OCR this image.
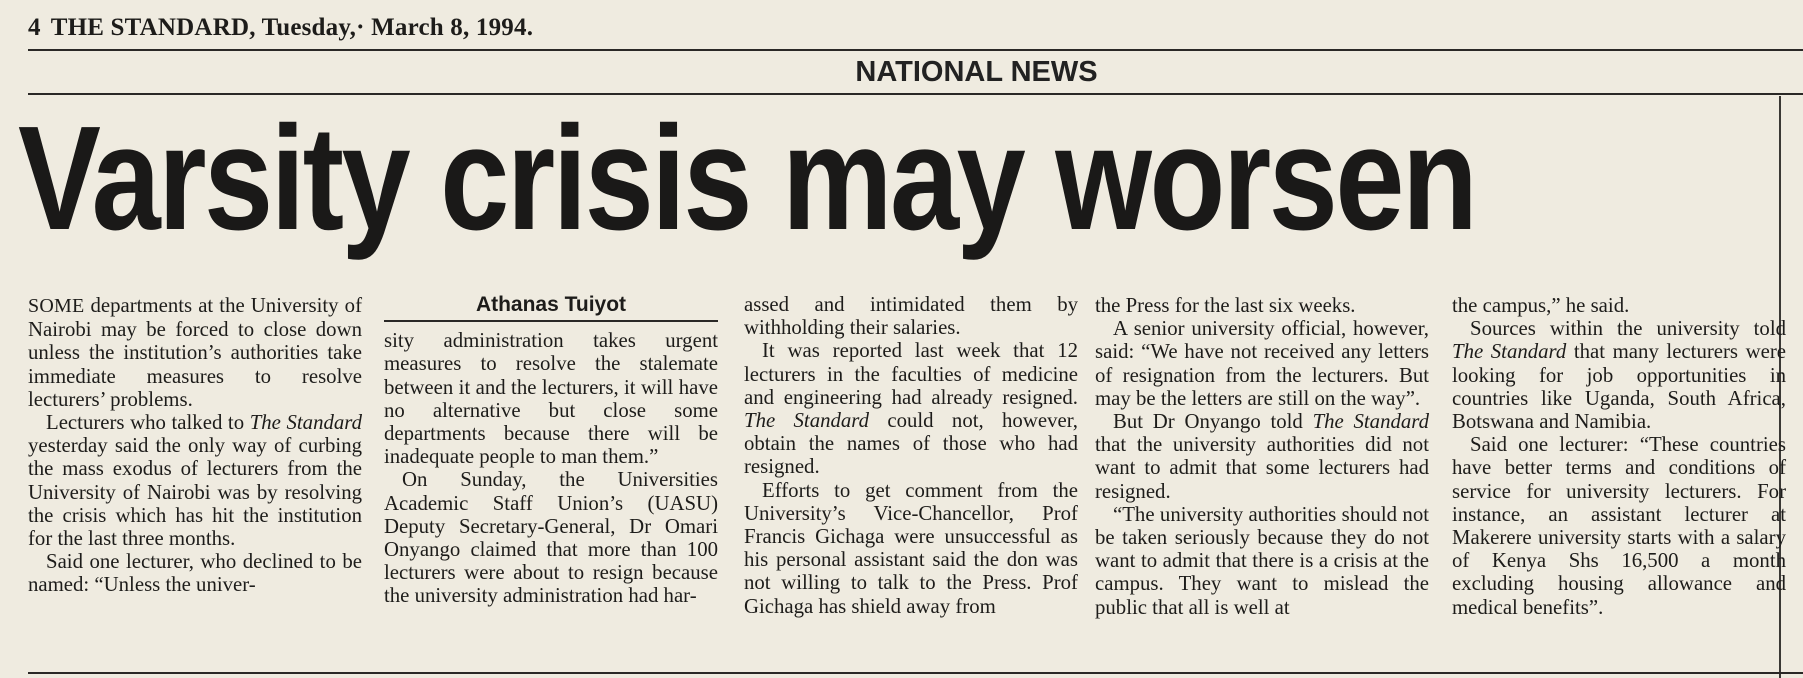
4 THE STANDARD, Tuesday,· March 8, 1994.
NATIONAL NEWS
Varsity crisis may worsen

SOME departments at the University of Nairobi may be forced to close down unless the institution’s authorities take immediate measures to resolve lecturers’ problems.

Lecturers who talked to The Standard yesterday said the only way of curbing the mass exodus of lecturers from the University of Nairobi was by resolving the crisis which has hit the institution for the last three months.

Said one lecturer, who declined to be named: “Unless the univer-

Athanas Tuiyot

sity administration takes urgent measures to resolve the stalemate between it and the lecturers, it will have no alternative but close some departments because there will be inadequate people to man them.”

On Sunday, the Universities Academic Staff Union’s (UASU) Deputy Secretary-General, Dr Omari Onyango claimed that more than 100 lecturers were about to resign because the university administration had har-

assed and intimidated them by withholding their salaries.

It was reported last week that 12 lecturers in the faculties of medicine and engineering had already resigned. The Standard could not, however, obtain the names of those who had resigned.

Efforts to get comment from the University’s Vice-Chancellor, Prof Francis Gichaga were unsuccessful as his personal assistant said the don was not willing to talk to the Press. Prof Gichaga has shield away from

the Press for the last six weeks.

A senior university official, however, said: “We have not received any letters of resignation from the lecturers. But may be the letters are still on the way”.

But Dr Onyango told The Standard that the university authorities did not want to admit that some lecturers had resigned.

“The university authorities should not be taken seriously because they do not want to admit that there is a crisis at the campus. They want to mislead the public that all is well at

the campus,” he said.

Sources within the university told The Standard that many lecturers were looking for job opportunities in countries like Uganda, South Africa, Botswana and Namibia.

Said one lecturer: “These countries have better terms and conditions of service for university lecturers. For instance, an assistant lecturer at Makerere university starts with a salary of Kenya Shs 16,500 a month excluding housing allowance and medical benefits”.
